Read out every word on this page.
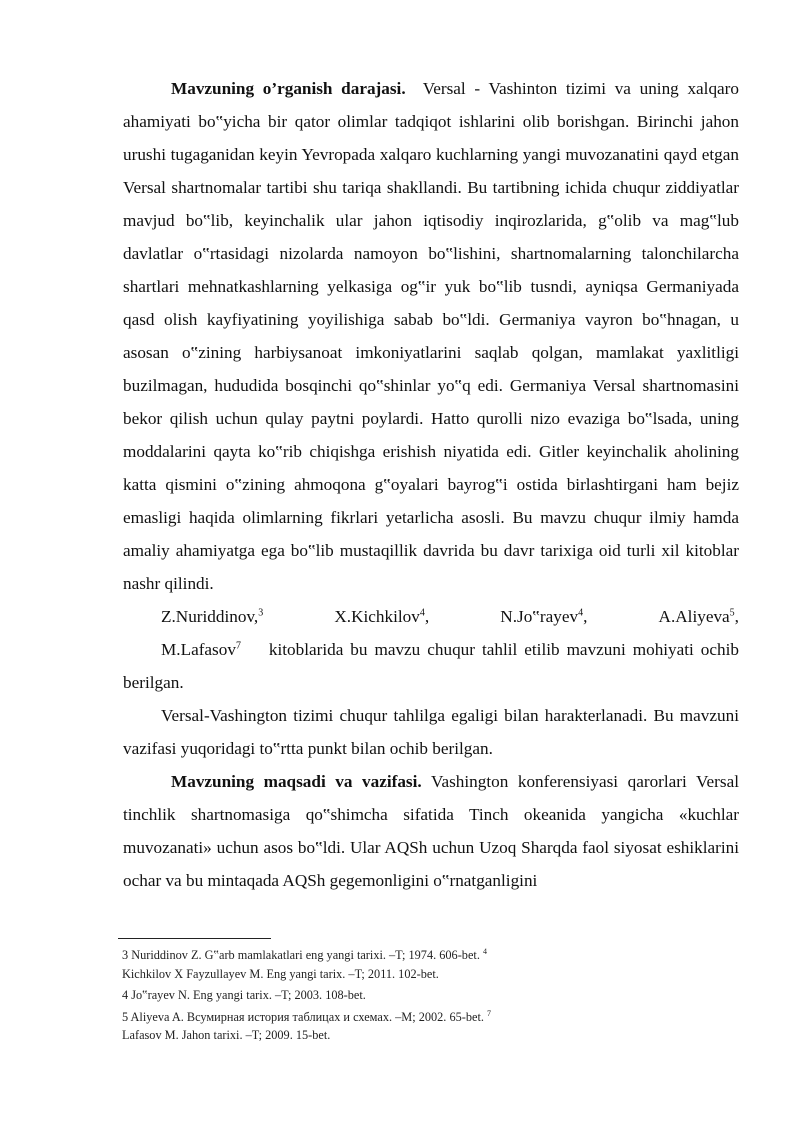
Mavzuning o’rganish darajasi. Versal - Vashinton tizimi va uning xalqaro ahamiyati bo‟yicha bir qator olimlar tadqiqot ishlarini olib borishgan. Birinchi jahon urushi tugaganidan keyin Yevropada xalqaro kuchlarning yangi muvozanatini qayd etgan Versal shartnomalar tartibi shu tariqa shakllandi. Bu tartibning ichida chuqur ziddiyatlar mavjud bo‟lib, keyinchalik ular jahon iqtisodiy inqirozlarida, g‟olib va mag‟lub davlatlar o‟rtasidagi nizolarda namoyon bo‟lishini, shartnomalarning talonchilarcha shartlari mehnatkashlarning yelkasiga og‟ir yuk bo‟lib tusndi, ayniqsa Germaniyada qasd olish kayfiyatining yoyilishiga sabab bo‟ldi. Germaniya vayron bo‟hnagan, u asosan o‟zining harbiysanoat imkoniyatlarini saqlab qolgan, mamlakat yaxlitligi buzilmagan, hududida bosqinchi qo‟shinlar yo‟q edi. Germaniya Versal shartnomasini bekor qilish uchun qulay paytni poylardi. Hatto qurolli nizo evaziga bo‟lsada, uning moddalarini qayta ko‟rib chiqishga erishish niyatida edi. Gitler keyinchalik aholining katta qismini o‟zining ahmoqona g‟oyalari bayrog‟i ostida birlashtirgani ham bejiz emasligi haqida olimlarning fikrlari yetarlicha asosli. Bu mavzu chuqur ilmiy hamda amaliy ahamiyatga ega bo‟lib mustaqillik davrida bu davr tarixiga oid turli xil kitoblar nashr qilindi.

Z.Nuriddinov,$^3$	X.Kichkilov$^4$,	N.Jo‟rayev$^4$,	A.Aliyeva$^5$,

M.Lafasov$^7$ kitoblarida bu mavzu chuqur tahlil etilib mavzuni mohiyati ochib berilgan.

Versal-Vashington tizimi chuqur tahlilga egaligi bilan harakterlanadi. Bu mavzuni vazifasi yuqoridagi to‟rtta punkt bilan ochib berilgan.

Mavzuning maqsadi va vazifasi. Vashington konferensiyasi qarorlari Versal tinchlik shartnomasiga qo‟shimcha sifatida Tinch okeanida yangicha «kuchlar muvozanati» uchun asos bo‟ldi. Ular AQSh uchun Uzoq Sharqda faol siyosat eshiklarini ochar va bu mintaqada AQSh gegemonligini o‟rnatganligini

3 Nuriddinov Z. G‟arb mamlakatlari eng yangi tarixi. –T; 1974. 606-bet. $^4$ Kichkilov X Fayzullayev M. Eng yangi tarix. –T; 2011. 102-bet.

4 Jo‟rayev N. Eng yangi tarix. –T; 2003. 108-bet.

5 Aliyeva A. Всумирная история таблицах и схемах. –M; 2002. 65-bet. $^7$ Lafasov M. Jahon tarixi. –T; 2009. 15-bet.
